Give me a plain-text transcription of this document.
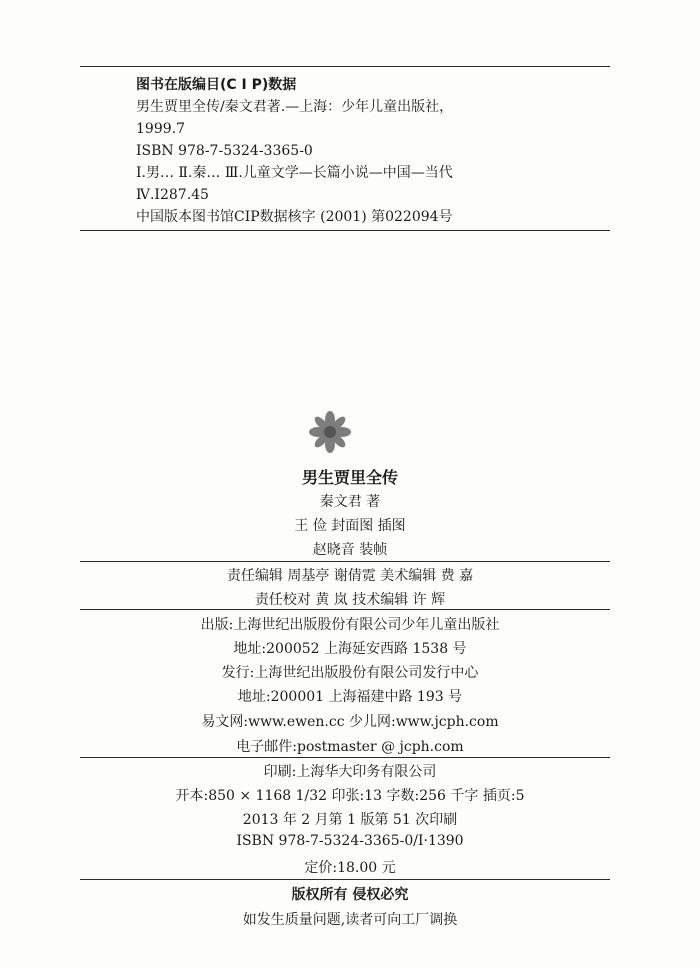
图书在版编目(C I P)数据
男生贾里全传/秦文君著.—上海：少年儿童出版社，
1999.7
ISBN 978-7-5324-3365-0
Ⅰ.男… Ⅱ.秦… Ⅲ.儿童文学—长篇小说—中国—当代
Ⅳ.I287.45
中国版本图书馆CIP数据核字 (2001) 第022094号
男生贾里全传
秦文君 著
王 俭 封面图 插图
赵晓音 装帧
责任编辑 周基亭 谢倩霓 美术编辑 费 嘉
责任校对 黄 岚 技术编辑 许 辉
出版:上海世纪出版股份有限公司少年儿童出版社
地址:200052 上海延安西路 1538 号
发行:上海世纪出版股份有限公司发行中心
地址:200001 上海福建中路 193 号
易文网:www.ewen.cc 少儿网:www.jcph.com
电子邮件:postmaster @ jcph.com
印刷:上海华大印务有限公司
开本:850 × 1168 1/32 印张:13 字数:256 千字 插页:5
2013 年 2 月第 1 版第 51 次印刷
ISBN 978-7-5324-3365-0/I·1390
定价:18.00 元
版权所有 侵权必究
如发生质量问题,读者可向工厂调换
